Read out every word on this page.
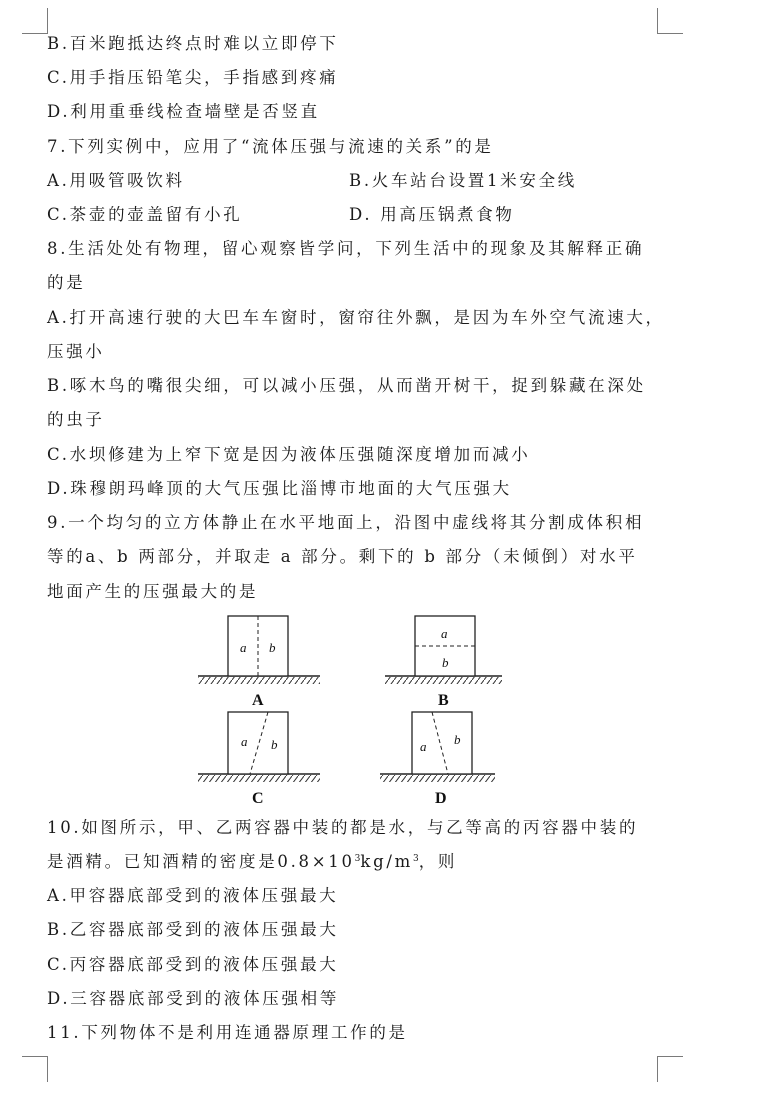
B.百米跑抵达终点时难以立即停下
C.用手指压铅笔尖，手指感到疼痛
D.利用重垂线检查墙壁是否竖直
7.下列实例中，应用了“流体压强与流速的关系”的是
A.用吸管吸饮料	B.火车站台设置1米安全线
C.茶壶的壶盖留有小孔	D. 用高压锅煮食物
8.生活处处有物理，留心观察皆学问，下列生活中的现象及其解释正确
的是
A.打开高速行驶的大巴车车窗时，窗帘往外飘，是因为车外空气流速大，
压强小
B.啄木鸟的嘴很尖细，可以减小压强，从而凿开树干，捉到躲藏在深处
的虫子
C.水坝修建为上窄下宽是因为液体压强随深度增加而减小
D.珠穆朗玛峰顶的大气压强比淄博市地面的大气压强大
9.一个均匀的立方体静止在水平地面上，沿图中虚线将其分割成体积相
等的a、b 两部分，并取走 a 部分。剩下的 b 部分（未倾倒）对水平
地面产生的压强最大的是
a b
A
a
b
B
a b
C
a b
D
10.如图所示，甲、乙两容器中装的都是水，与乙等高的丙容器中装的
是酒精。已知酒精的密度是$0.8\times 10^3kg/m^3$，则
A.甲容器底部受到的液体压强最大
B.乙容器底部受到的液体压强最大
C.丙容器底部受到的液体压强最大
D.三容器底部受到的液体压强相等
11.下列物体不是利用连通器原理工作的是
